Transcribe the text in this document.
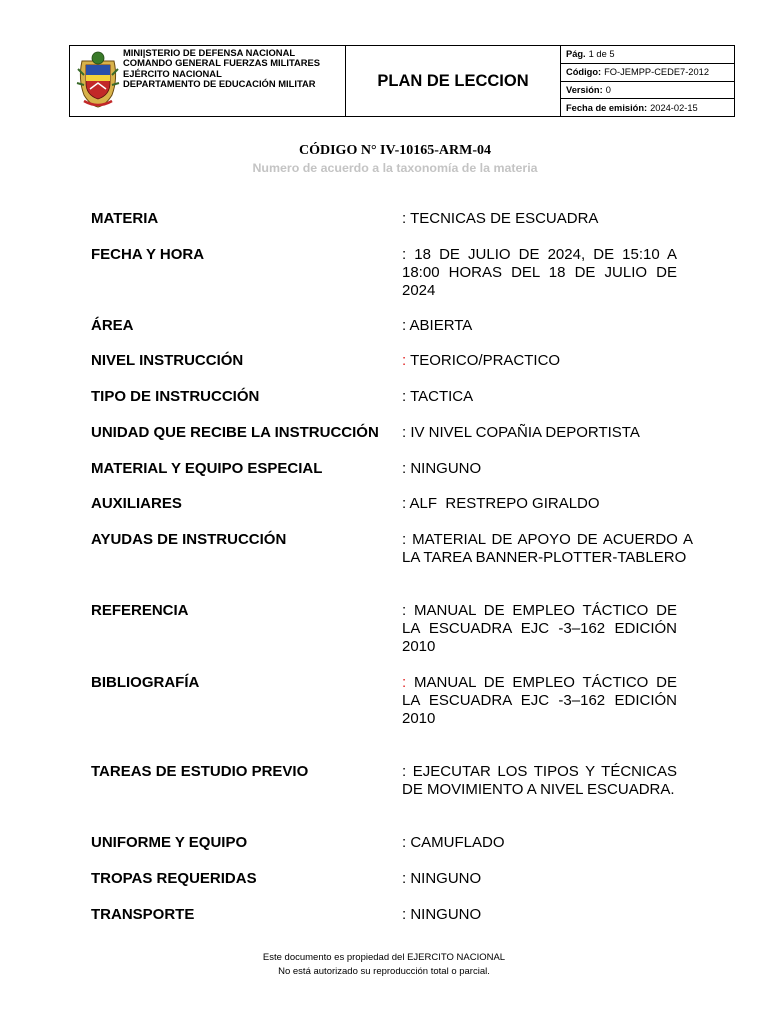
MINI|STERIO DE DEFENSA NACIONAL
COMANDO GENERAL FUERZAS MILITARES
EJÉRCITO NACIONAL
DEPARTAMENTO DE EDUCACIÓN MILITAR	PLAN DE LECCION
Pág. 1 de 5
Código: FO-JEMPP-CEDE7-2012
Versión: 0
Fecha de emisión: 2024-02-15
CÓDIGO N° IV-10165-ARM-04
Numero de acuerdo a la taxonomía de la materia
MATERIA	: TECNICAS DE ESCUADRA
FECHA Y HORA	: 18 DE JULIO DE 2024, DE 15:10 A 18:00 HORAS DEL 18 DE JULIO DE 2024
ÁREA	: ABIERTA
NIVEL INSTRUCCIÓN	: TEORICO/PRACTICO
TIPO DE INSTRUCCIÓN	: TACTICA
UNIDAD QUE RECIBE LA INSTRUCCIÓN	: IV NIVEL COPAÑIA DEPORTISTA
MATERIAL Y EQUIPO ESPECIAL	: NINGUNO
AUXILIARES	: ALF  RESTREPO GIRALDO
AYUDAS DE INSTRUCCIÓN	: MATERIAL DE APOYO DE ACUERDO A LA TAREA BANNER-PLOTTER-TABLERO
REFERENCIA	: MANUAL DE EMPLEO TÁCTICO DE LA ESCUADRA EJC -3–162 EDICIÓN 2010
BIBLIOGRAFÍA	: MANUAL DE EMPLEO TÁCTICO DE LA ESCUADRA EJC -3–162 EDICIÓN 2010
TAREAS DE ESTUDIO PREVIO	: EJECUTAR LOS TIPOS Y TÉCNICAS DE MOVIMIENTO A NIVEL ESCUADRA.
UNIFORME Y EQUIPO	: CAMUFLADO
TROPAS REQUERIDAS	: NINGUNO
TRANSPORTE	: NINGUNO
Este documento es propiedad del EJERCITO NACIONAL
No está autorizado su reproducción total o parcial.
